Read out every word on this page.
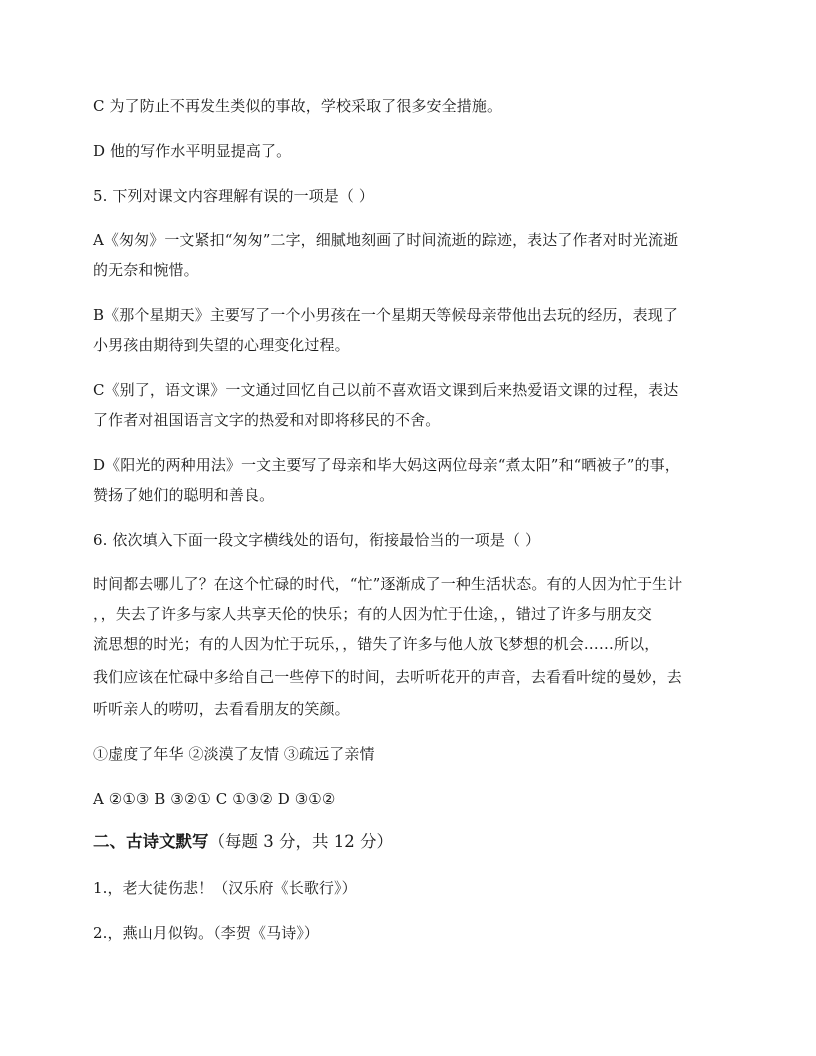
C 为了防止不再发生类似的事故，学校采取了很多安全措施。
D 他的写作水平明显提高了。
5. 下列对课文内容理解有误的一项是（ ）
A《匆匆》一文紧扣“匆匆”二字，细腻地刻画了时间流逝的踪迹，表达了作者对时光流逝
的无奈和惋惜。
B《那个星期天》主要写了一个小男孩在一个星期天等候母亲带他出去玩的经历，表现了
小男孩由期待到失望的心理变化过程。
C《别了，语文课》一文通过回忆自己以前不喜欢语文课到后来热爱语文课的过程，表达
了作者对祖国语言文字的热爱和对即将移民的不舍。
D《阳光的两种用法》一文主要写了母亲和毕大妈这两位母亲“煮太阳”和“晒被子”的事，
赞扬了她们的聪明和善良。
6. 依次填入下面一段文字横线处的语句，衔接最恰当的一项是（ ）
时间都去哪儿了？在这个忙碌的时代，“忙”逐渐成了一种生活状态。有的人因为忙于生计
，，失去了许多与家人共享天伦的快乐；有的人因为忙于仕途，，错过了许多与朋友交
流思想的时光；有的人因为忙于玩乐，，错失了许多与他人放飞梦想的机会……所以，
我们应该在忙碌中多给自己一些停下的时间，去听听花开的声音，去看看叶绽的曼妙，去
听听亲人的唠叨，去看看朋友的笑颜。
①虚度了年华 ②淡漠了友情 ③疏远了亲情
A ②①③ B ③②① C ①③② D ③①②
二、古诗文默写（每题 3 分，共 12 分）
1.，老大徒伤悲！（汉乐府《长歌行》）
2.，燕山月似钩。（李贺《马诗》）
